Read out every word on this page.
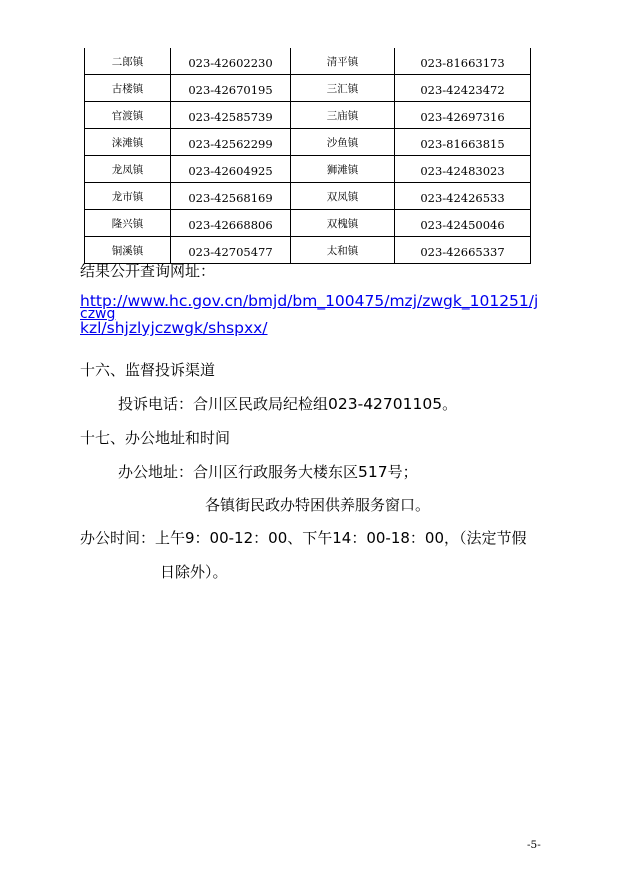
二郎镇	023-42602230	清平镇	023-81663173
古楼镇	023-42670195	三汇镇	023-42423472
官渡镇	023-42585739	三庙镇	023-42697316
涞滩镇	023-42562299	沙鱼镇	023-81663815
龙凤镇	023-42604925	狮滩镇	023-42483023
龙市镇	023-42568169	双凤镇	023-42426533
隆兴镇	023-42668806	双槐镇	023-42450046
铜溪镇	023-42705477	太和镇	023-42665337
结果公开查询网址：
http://www.hc.gov.cn/bmjd/bm_100475/mzj/zwgk_101251/j
czwg
kzl/shjzlyjczwgk/shspxx/
十六、监督投诉渠道
投诉电话：合川区民政局纪检组023-42701105。
十七、办公地址和时间
办公地址：合川区行政服务大楼东区517号；
各镇街民政办特困供养服务窗口。
办公时间：上午9：00-12：00、下午14：00-18：00，（法定节假
日除外）。
-5-
